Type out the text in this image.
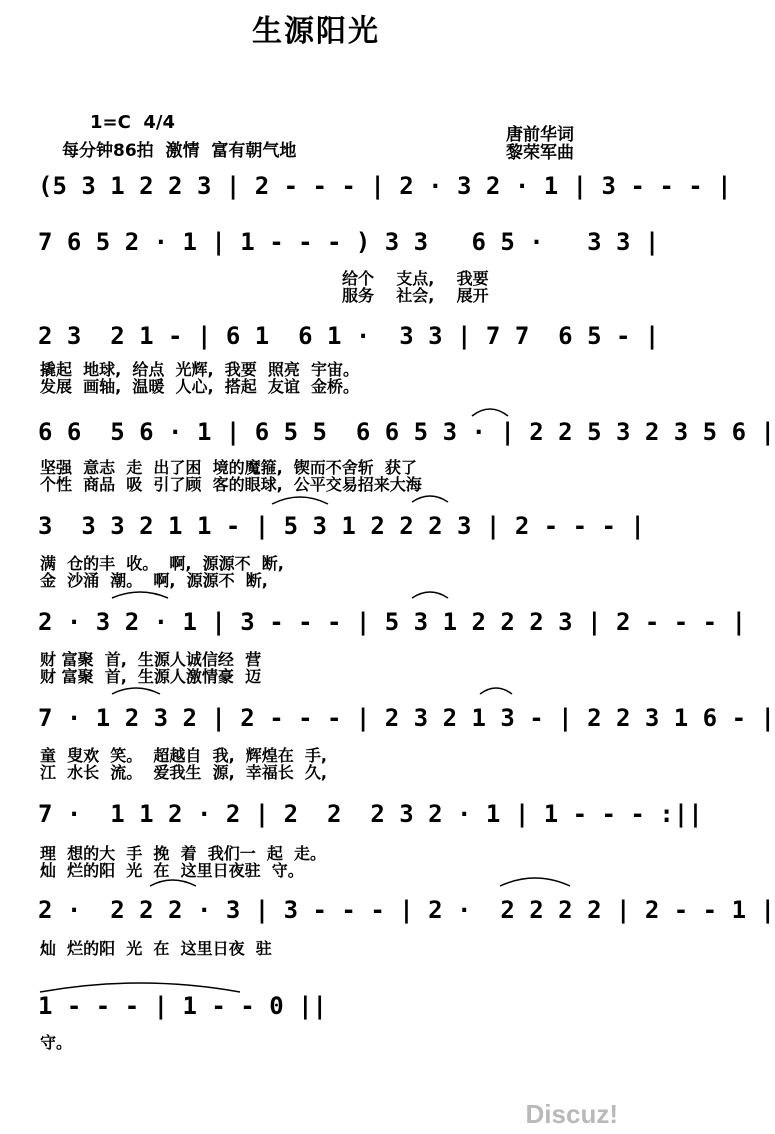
生源阳光
1=C  4/4
每分钟86拍  激情  富有朝气地
唐前华词
黎荣军曲
(5 3 1 2 2 3 | 2 - - - | 2 · 3 2 · 1 | 3 - - - |
7 6 5 2 · 1 | 1 - - - ) 3 3   6 5 ·   3 3 |
给个    支点,    我要
服务    社会,    展开
2 3  2 1 - | 6 1  6 1 ·  3 3 | 7 7  6 5 - |
撬起  地球,  给点  光辉,  我要  照亮  宇宙。
发展  画轴,  温暖  人心,  搭起  友谊  金桥。
6 6  5 6 · 1 | 6 5 5  6 6 5 3 · | 2 2 5 3 2 3 5 6 |
坚强  意志  走  出了困  境的魔箍,  锲而不舍斩  获了
个性  商品  吸  引了顾  客的眼球,  公平交易招来大海
3  3 3 2 1 1 - | 5 3 1 2 2 2 3 | 2 - - - |
满  仓的丰  收。  啊,  源源不  断,
金  沙涌  潮。  啊,  源源不  断,
2 · 3 2 · 1 | 3 - - - | 5 3 1 2 2 2 3 | 2 - - - |
财 富聚  首,  生源人诚信经  营
财 富聚  首,  生源人激情豪  迈
7 · 1 2 3 2 | 2 - - - | 2 3 2 1 3 - | 2 2 3 1 6 - |
童  叟欢  笑。  超越自  我,  辉煌在  手,
江  水长  流。  爱我生  源,  幸福长  久,
7 ·  1 1 2 · 2 | 2  2  2 3 2 · 1 | 1 - - - :||
理  想的大  手  挽  着  我们一  起  走。
灿  烂的阳  光  在  这里日夜驻  守。
2 ·  2 2 2 · 3 | 3 - - - | 2 ·  2 2 2 2 | 2 - - 1 |
灿  烂的阳  光  在  这里日夜  驻
1 - - - | 1 - - 0 ||
守。
Discuz!
